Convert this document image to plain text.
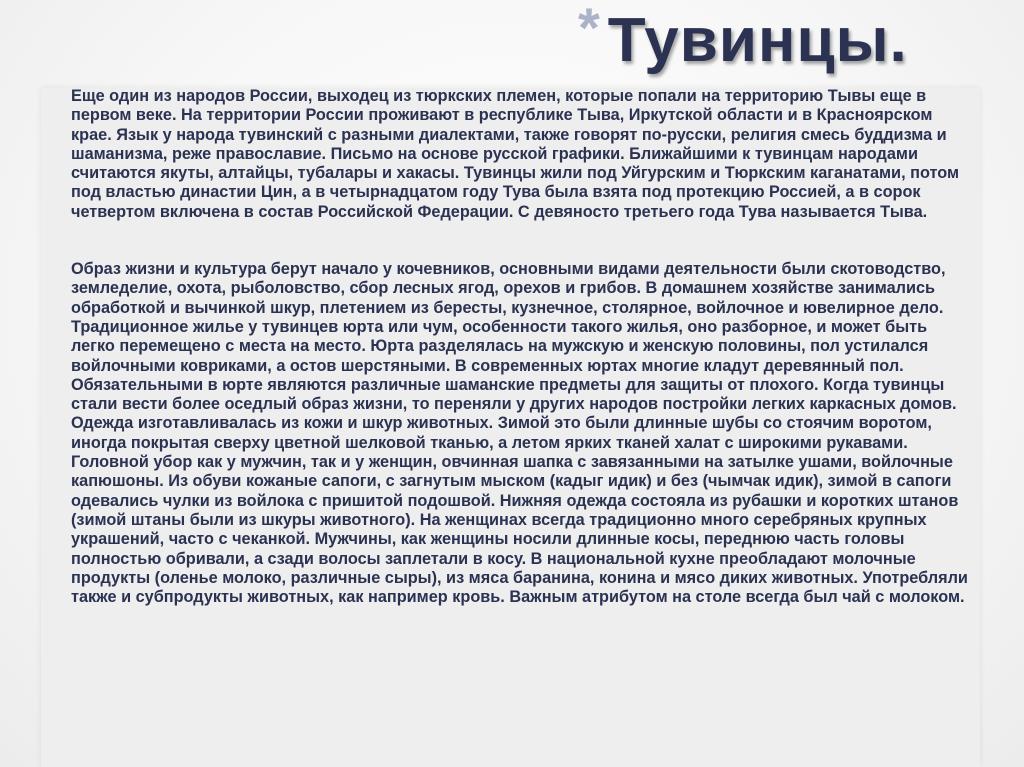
* Тувинцы.

Еще один из народов России, выходец из тюркских племен, которые попали на территорию Тывы еще в первом веке. На территории России проживают в республике Тыва, Иркутской области и в Красноярском крае. Язык у народа тувинский с разными диалектами, также говорят по-русски, религия смесь буддизма и шаманизма, реже православие. Письмо на основе русской графики. Ближайшими к тувинцам народами считаются якуты, алтайцы, тубалары и хакасы. Тувинцы жили под Уйгурским и Тюркским каганатами, потом под властью династии Цин, а в четырнадцатом году Тува была взята под протекцию Россией, а в сорок четвертом включена в состав Российской Федерации. С девяносто третьего года Тува называется Тыва.

Образ жизни и культура берут начало у кочевников, основными видами деятельности были скотоводство, земледелие, охота, рыболовство, сбор лесных ягод, орехов и грибов. В домашнем хозяйстве занимались обработкой и вычинкой шкур, плетением из бересты, кузнечное, столярное, войлочное и ювелирное дело. Традиционное жилье у тувинцев юрта или чум, особенности такого жилья, оно разборное, и может быть легко перемещено с места на место. Юрта разделялась на мужскую и женскую половины, пол устилался войлочными ковриками, а остов шерстяными. В современных юртах многие кладут деревянный пол. Обязательными в юрте являются различные шаманские предметы для защиты от плохого. Когда тувинцы стали вести более оседлый образ жизни, то переняли у других народов постройки легких каркасных домов. Одежда изготавливалась из кожи и шкур животных. Зимой это были длинные шубы со стоячим воротом, иногда покрытая сверху цветной шелковой тканью, а летом ярких тканей халат с широкими рукавами. Головной убор как у мужчин, так и у женщин, овчинная шапка с завязанными на затылке ушами, войлочные капюшоны. Из обуви кожаные сапоги, с загнутым мыском (кадыг идик) и без (чымчак идик), зимой в сапоги одевались чулки из войлока с пришитой подошвой. Нижняя одежда состояла из рубашки и коротких штанов (зимой штаны были из шкуры животного). На женщинах всегда традиционно много серебряных крупных украшений, часто с чеканкой. Мужчины, как женщины носили длинные косы, переднюю часть головы полностью обривали, а сзади волосы заплетали в косу. В национальной кухне преобладают молочные продукты (оленье молоко, различные сыры), из мяса баранина, конина и мясо диких животных. Употребляли также и субпродукты животных, как например кровь. Важным атрибутом на столе всегда был чай с молоком.
